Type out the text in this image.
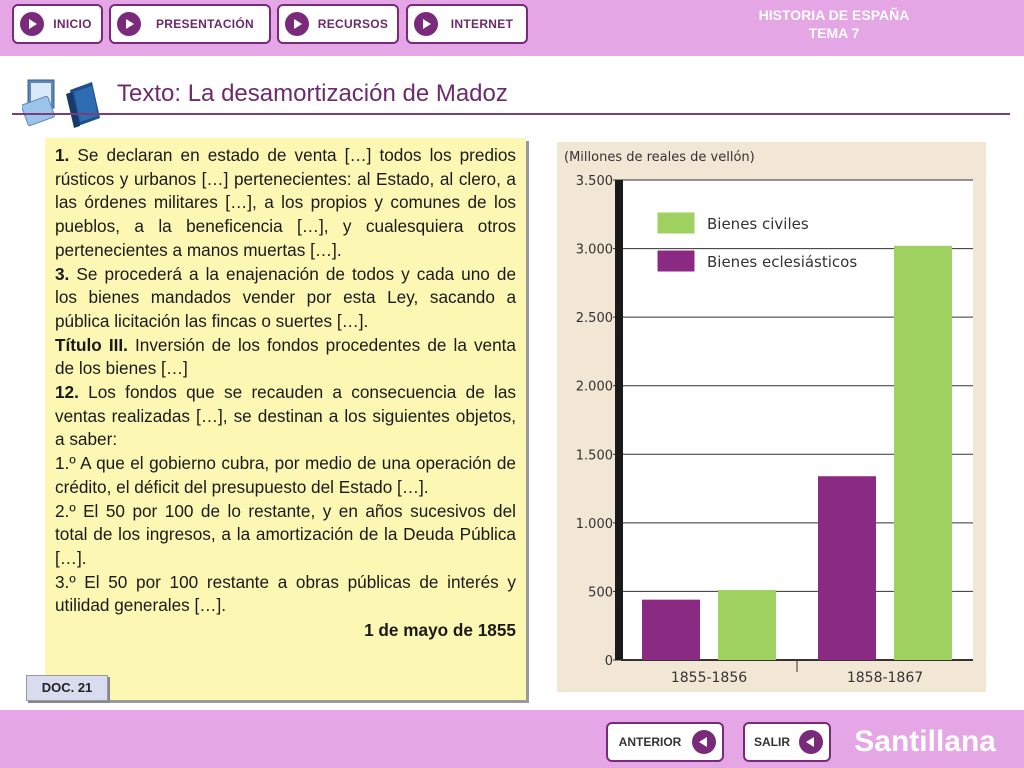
INICIO	PRESENTACIÓN	RECURSOS	INTERNET
HISTORIA DE ESPAÑA
TEMA 7
Texto: La desamortización de Madoz

1. Se declaran en estado de venta […] todos los predios rústicos y urbanos […] pertenecientes: al Estado, al clero, a las órdenes militares […], a los propios y comunes de los pueblos, a la beneficencia […], y cualesquiera otros pertenecientes a manos muertas […].
3. Se procederá a la enajenación de todos y cada uno de los bienes mandados vender por esta Ley, sacando a pública licitación las fincas o suertes […].
Título III. Inversión de los fondos procedentes de la venta de los bienes […]
12. Los fondos que se recauden a consecuencia de las ventas realizadas […], se destinan a los siguientes objetos, a saber:
1.º A que el gobierno cubra, por medio de una operación de crédito, el déficit del presupuesto del Estado […].
2.º El 50 por 100 de lo restante, y en años sucesivos del total de los ingresos, a la amortización de la Deuda Pública […].
3.º El 50 por 100 restante a obras públicas de interés y utilidad generales […].

1 de mayo de 1855

DOC. 21
(Millones de reales de vellón)
3.500
3.000
2.500
2.000
1.500
1.000
500
0
1855-1856	1858-1867
Bienes civiles
Bienes eclesiásticos
ANTERIOR	SALIR	Santillana
